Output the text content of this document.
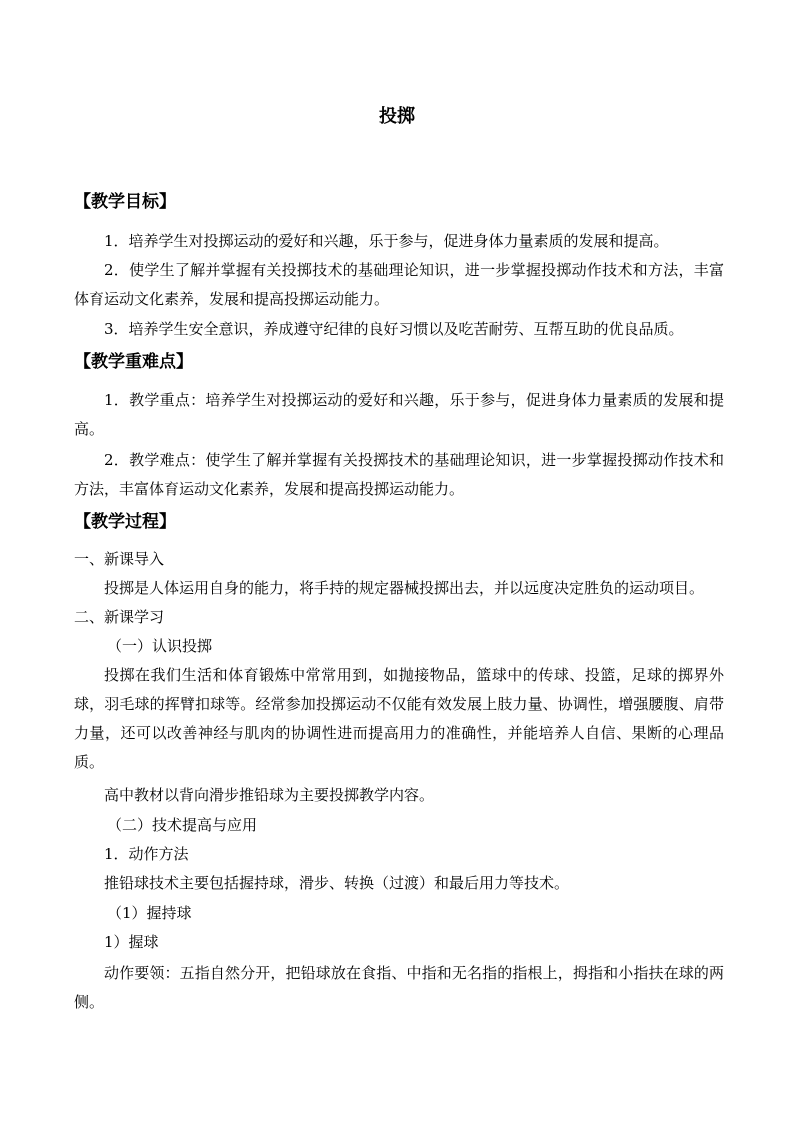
投掷
【教学目标】
1．培养学生对投掷运动的爱好和兴趣，乐于参与，促进身体力量素质的发展和提高。
2．使学生了解并掌握有关投掷技术的基础理论知识，进一步掌握投掷动作技术和方法，丰富体育运动文化素养，发展和提高投掷运动能力。
3．培养学生安全意识，养成遵守纪律的良好习惯以及吃苦耐劳、互帮互助的优良品质。
【教学重难点】
1．教学重点：培养学生对投掷运动的爱好和兴趣，乐于参与，促进身体力量素质的发展和提高。
2．教学难点：使学生了解并掌握有关投掷技术的基础理论知识，进一步掌握投掷动作技术和方法，丰富体育运动文化素养，发展和提高投掷运动能力。
【教学过程】
一、新课导入
投掷是人体运用自身的能力，将手持的规定器械投掷出去，并以远度决定胜负的运动项目。
二、新课学习
（一）认识投掷
投掷在我们生活和体育锻炼中常常用到，如抛接物品，篮球中的传球、投篮，足球的掷界外球，羽毛球的挥臂扣球等。经常参加投掷运动不仅能有效发展上肢力量、协调性，增强腰腹、肩带力量，还可以改善神经与肌肉的协调性进而提高用力的准确性，并能培养人自信、果断的心理品质。
高中教材以背向滑步推铅球为主要投掷教学内容。
（二）技术提高与应用
1．动作方法
推铅球技术主要包括握持球，滑步、转换（过渡）和最后用力等技术。
（1）握持球
1）握球
动作要领：五指自然分开，把铅球放在食指、中指和无名指的指根上，拇指和小指扶在球的两侧。
